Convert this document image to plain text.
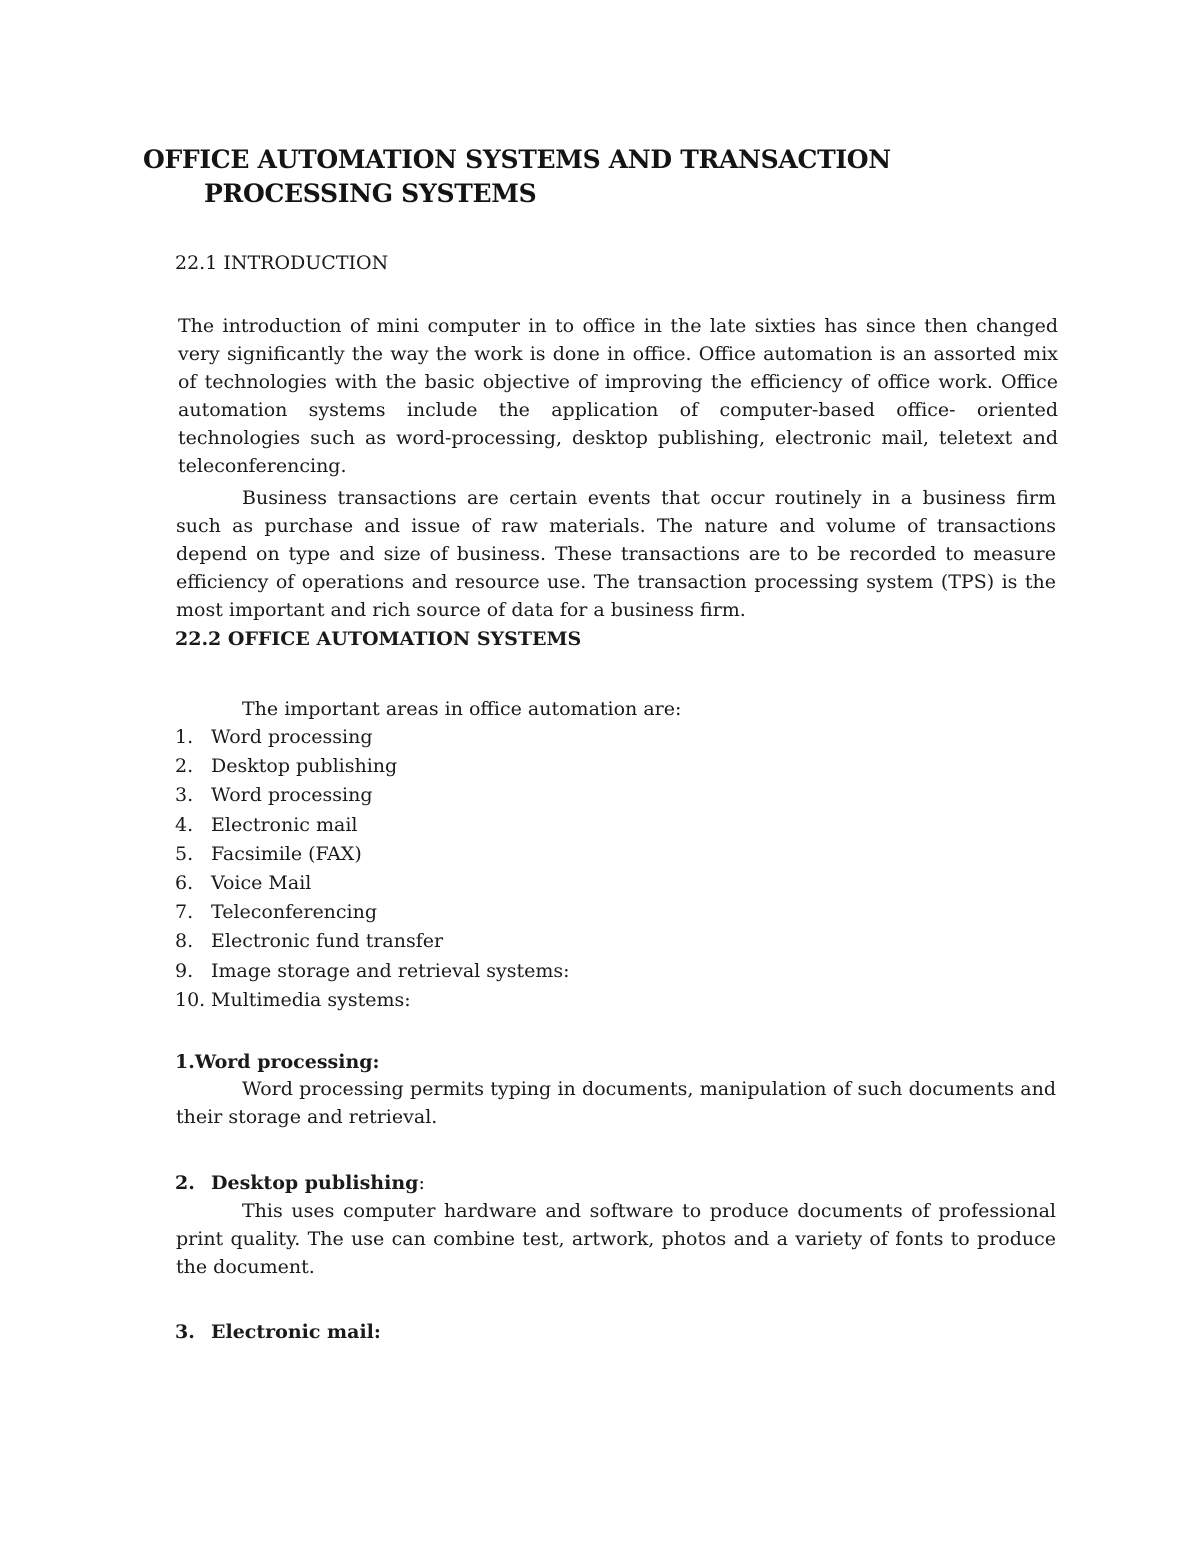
OFFICE AUTOMATION SYSTEMS AND TRANSACTION
PROCESSING SYSTEMS

22.1 INTRODUCTION

The introduction of mini computer in to office in the late sixties has since then changed very significantly the way the work is done in office. Office automation is an assorted mix of technologies with the basic objective of improving the efficiency of office work. Office automation systems include the application of computer-based office- oriented technologies such as word-processing, desktop publishing, electronic mail, teletext and teleconferencing.

Business transactions are certain events that occur routinely in a business firm such as purchase and issue of raw materials. The nature and volume of transactions depend on type and size of business. These transactions are to be recorded to measure efficiency of operations and resource use. The transaction processing system (TPS) is the most important and rich source of data for a business firm.

22.2 OFFICE AUTOMATION SYSTEMS

The important areas in office automation are:

1. Word processing
2. Desktop publishing
3. Word processing
4. Electronic mail
5. Facsimile (FAX)
6. Voice Mail
7. Teleconferencing
8. Electronic fund transfer
9. Image storage and retrieval systems:
10. Multimedia systems:

1.Word processing:

Word processing permits typing in documents, manipulation of such documents and their storage and retrieval.

2. Desktop publishing:

This uses computer hardware and software to produce documents of professional print quality. The use can combine test, artwork, photos and a variety of fonts to produce the document.

3. Electronic mail:
